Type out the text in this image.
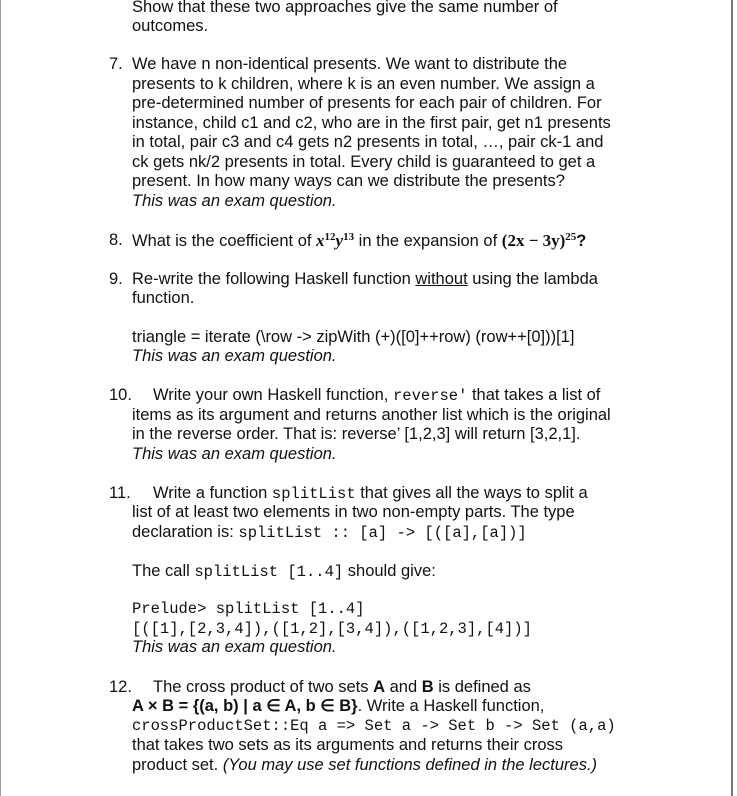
Show that these two approaches give the same number of
outcomes.
7. We have n non-identical presents. We want to distribute the
presents to k children, where k is an even number. We assign a
pre-determined number of presents for each pair of children. For
instance, child c1 and c2, who are in the first pair, get n1 presents
in total, pair c3 and c4 gets n2 presents in total, …, pair ck-1 and
ck gets nk/2 presents in total. Every child is guaranteed to get a
present. In how many ways can we distribute the presents?
This was an exam question.
8. What is the coefficient of $x^{12}y^{13}$ in the expansion of $(2x - 3y)^{25}$?
9. Re-write the following Haskell function without using the lambda
function.
triangle = iterate (\row -> zipWith (+)([0]++row) (row++[0]))[1]
This was an exam question.
10. Write your own Haskell function, reverse' that takes a list of
items as its argument and returns another list which is the original
in the reverse order. That is: reverse’ [1,2,3] will return [3,2,1].
This was an exam question.
11. Write a function splitList that gives all the ways to split a
list of at least two elements in two non-empty parts. The type
declaration is: splitList :: [a] -> [([a],[a])]
The call splitList [1..4] should give:
Prelude> splitList [1..4]
[([1],[2,3,4]),([1,2],[3,4]),([1,2,3],[4])]
This was an exam question.
12. The cross product of two sets A and B is defined as
A × B = {(a, b) | a ∈ A, b ∈ B}. Write a Haskell function,
crossProductSet::Eq a => Set a -> Set b -> Set (a,a)
that takes two sets as its arguments and returns their cross
product set. (You may use set functions defined in the lectures.)
